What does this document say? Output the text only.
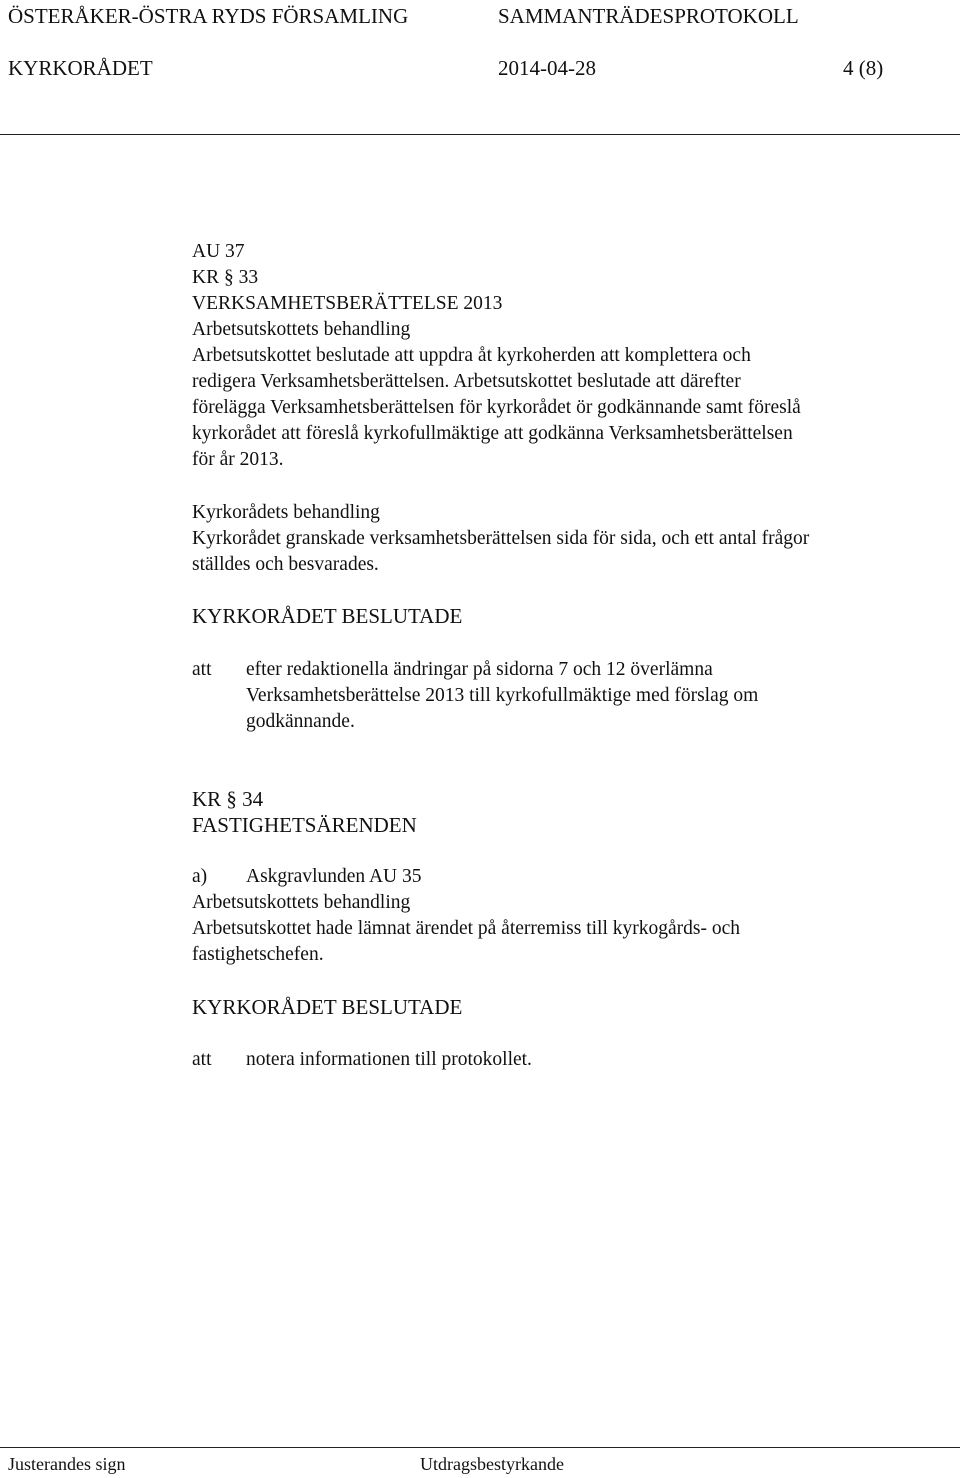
ÖSTERÅKER-ÖSTRA RYDS FÖRSAMLING	SAMMANTRÄDESPROTOKOLL
KYRKORÅDET	2014-04-28	4 (8)
AU 37
KR § 33
VERKSAMHETSBERÄTTELSE 2013
Arbetsutskottets behandling
Arbetsutskottet beslutade att uppdra åt kyrkoherden att komplettera och
redigera Verksamhetsberättelsen. Arbetsutskottet beslutade att därefter
förelägga Verksamhetsberättelsen för kyrkorådet ör godkännande samt föreslå
kyrkorådet att föreslå kyrkofullmäktige att godkänna Verksamhetsberättelsen
för år 2013.
Kyrkorådets behandling
Kyrkorådet granskade verksamhetsberättelsen sida för sida, och ett antal frågor
ställdes och besvarades.
KYRKORÅDET BESLUTADE
att efter redaktionella ändringar på sidorna 7 och 12 överlämna
Verksamhetsberättelse 2013 till kyrkofullmäktige med förslag om
godkännande.
KR § 34
FASTIGHETSÄRENDEN
a) Askgravlunden AU 35
Arbetsutskottets behandling
Arbetsutskottet hade lämnat ärendet på återremiss till kyrkogårds- och
fastighetschefen.
KYRKORÅDET BESLUTADE
att notera informationen till protokollet.
Justerandes sign	Utdragsbestyrkande
